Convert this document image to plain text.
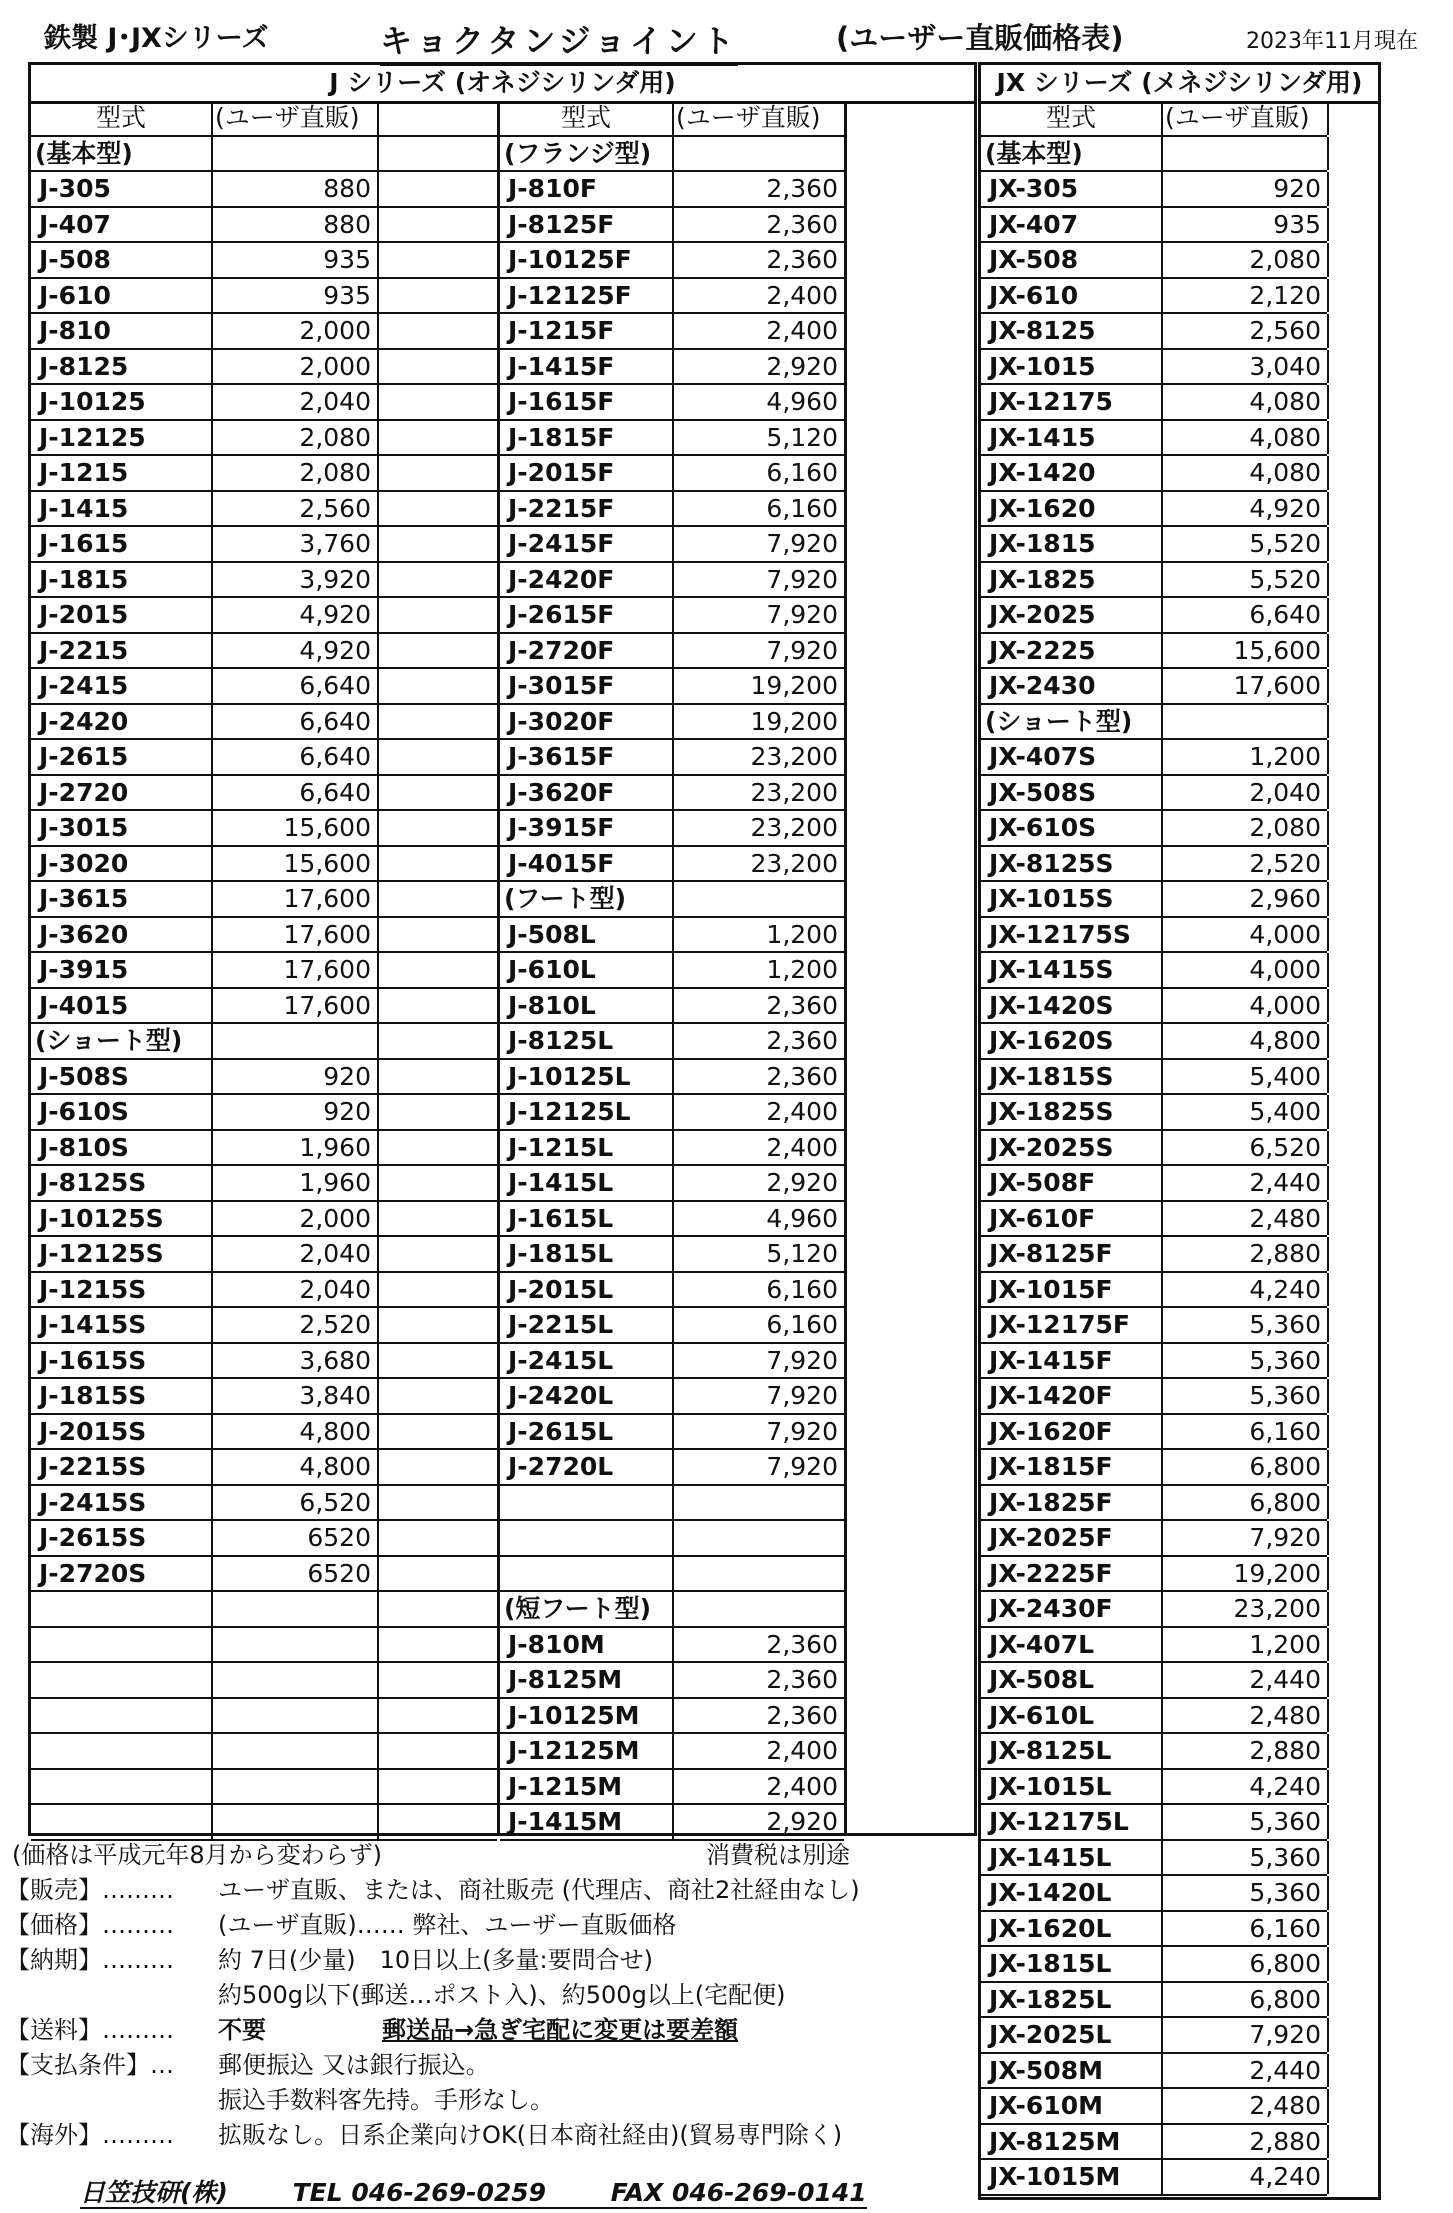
鉄製 J･JXシリーズ	キョクタンジョイント	(ユーザー直販価格表)	2023年11月現在
J シリーズ (オネジシリンダ用)
型式	(ユーザ直販)
(基本型)
J-305	880
J-407	880
J-508	935
J-610	935
J-810	2,000
J-8125	2,000
J-10125	2,040
J-12125	2,080
J-1215	2,080
J-1415	2,560
J-1615	3,760
J-1815	3,920
J-2015	4,920
J-2215	4,920
J-2415	6,640
J-2420	6,640
J-2615	6,640
J-2720	6,640
J-3015	15,600
J-3020	15,600
J-3615	17,600
J-3620	17,600
J-3915	17,600
J-4015	17,600
(ショート型)
J-508S	920
J-610S	920
J-810S	1,960
J-8125S	1,960
J-10125S	2,000
J-12125S	2,040
J-1215S	2,040
J-1415S	2,520
J-1615S	3,680
J-1815S	3,840
J-2015S	4,800
J-2215S	4,800
J-2415S	6,520
J-2615S	6520
J-2720S	6520
型式	(ユーザ直販)
(フランジ型)
J-810F	2,360
J-8125F	2,360
J-10125F	2,360
J-12125F	2,400
J-1215F	2,400
J-1415F	2,920
J-1615F	4,960
J-1815F	5,120
J-2015F	6,160
J-2215F	6,160
J-2415F	7,920
J-2420F	7,920
J-2615F	7,920
J-2720F	7,920
J-3015F	19,200
J-3020F	19,200
J-3615F	23,200
J-3620F	23,200
J-3915F	23,200
J-4015F	23,200
(フート型)
J-508L	1,200
J-610L	1,200
J-810L	2,360
J-8125L	2,360
J-10125L	2,360
J-12125L	2,400
J-1215L	2,400
J-1415L	2,920
J-1615L	4,960
J-1815L	5,120
J-2015L	6,160
J-2215L	6,160
J-2415L	7,920
J-2420L	7,920
J-2615L	7,920
J-2720L	7,920
(短フート型)
J-810M	2,360
J-8125M	2,360
J-10125M	2,360
J-12125M	2,400
J-1215M	2,400
J-1415M	2,920
JX シリーズ (メネジシリンダ用)
型式	(ユーザ直販)
(基本型)
JX-305	920
JX-407	935
JX-508	2,080
JX-610	2,120
JX-8125	2,560
JX-1015	3,040
JX-12175	4,080
JX-1415	4,080
JX-1420	4,080
JX-1620	4,920
JX-1815	5,520
JX-1825	5,520
JX-2025	6,640
JX-2225	15,600
JX-2430	17,600
(ショート型)
JX-407S	1,200
JX-508S	2,040
JX-610S	2,080
JX-8125S	2,520
JX-1015S	2,960
JX-12175S	4,000
JX-1415S	4,000
JX-1420S	4,000
JX-1620S	4,800
JX-1815S	5,400
JX-1825S	5,400
JX-2025S	6,520
JX-508F	2,440
JX-610F	2,480
JX-8125F	2,880
JX-1015F	4,240
JX-12175F	5,360
JX-1415F	5,360
JX-1420F	5,360
JX-1620F	6,160
JX-1815F	6,800
JX-1825F	6,800
JX-2025F	7,920
JX-2225F	19,200
JX-2430F	23,200
JX-407L	1,200
JX-508L	2,440
JX-610L	2,480
JX-8125L	2,880
JX-1015L	4,240
JX-12175L	5,360
JX-1415L	5,360
JX-1420L	5,360
JX-1620L	6,160
JX-1815L	6,800
JX-1825L	6,800
JX-2025L	7,920
JX-508M	2,440
JX-610M	2,480
JX-8125M	2,880
JX-1015M	4,240
(価格は平成元年8月から変わらず)	消費税は別途
【販売】……… ユーザ直販、または、商社販売 (代理店、商社2社経由なし)
【価格】……… (ユーザ直販)…… 弊社、ユーザー直販価格
【納期】……… 約 7日(少量)　10日以上(多量:要問合せ)
約500g以下(郵送…ポスト入)、約500g以上(宅配便)
【送料】……… 不要	郵送品→急ぎ宅配に変更は要差額
【支払条件】… 郵便振込 又は銀行振込。
振込手数料客先持。手形なし。
【海外】……… 拡販なし。日系企業向けOK(日本商社経由)(貿易専門除く)
日笠技研(株)	TEL 046-269-0259	FAX 046-269-0141
